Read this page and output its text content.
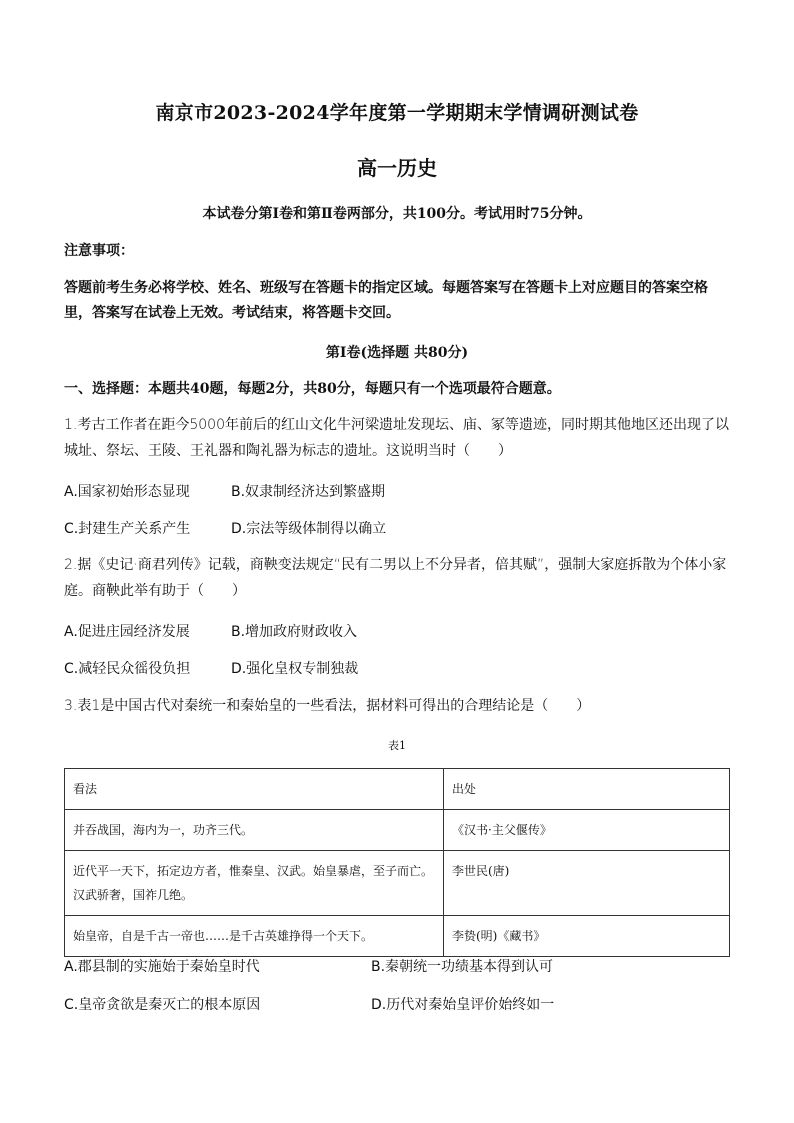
南京市2023-2024学年度第一学期期末学情调研测试卷
高一历史
本试卷分第Ⅰ卷和第Ⅱ卷两部分，共100分。考试用时75分钟。
注意事项：
答题前考生务必将学校、姓名、班级写在答题卡的指定区域。每题答案写在答题卡上对应题目的答案空格里，答案写在试卷上无效。考试结束，将答题卡交回。
第Ⅰ卷(选择题 共80分)
一、选择题：本题共40题，每题2分，共80分，每题只有一个选项最符合题意。
1.考古工作者在距今5000年前后的红山文化牛河梁遗址发现坛、庙、冢等遗迹，同时期其他地区还出现了以城址、祭坛、王陵、王礼器和陶礼器为标志的遗址。这说明当时（　　）
A.国家初始形态显现	B.奴隶制经济达到繁盛期
C.封建生产关系产生	D.宗法等级体制得以确立
2.据《史记·商君列传》记载，商鞅变法规定“民有二男以上不分异者，倍其赋”，强制大家庭拆散为个体小家庭。商鞅此举有助于（　　）
A.促进庄园经济发展	B.增加政府财政收入
C.减轻民众徭役负担	D.强化皇权专制独裁
3.表1是中国古代对秦统一和秦始皇的一些看法，据材料可得出的合理结论是（　　）
表1
看法	出处
并吞战国，海内为一，功齐三代。	《汉书·主父偃传》
近代平一天下，拓定边方者，惟秦皇、汉武。始皇暴虐，至子而亡。汉武骄奢，国祚几绝。	李世民(唐)
始皇帝，自是千古一帝也……是千古英雄挣得一个天下。	李贽(明)《藏书》
A.郡县制的实施始于秦始皇时代	B.秦朝统一功绩基本得到认可
C.皇帝贪欲是秦灭亡的根本原因	D.历代对秦始皇评价始终如一
